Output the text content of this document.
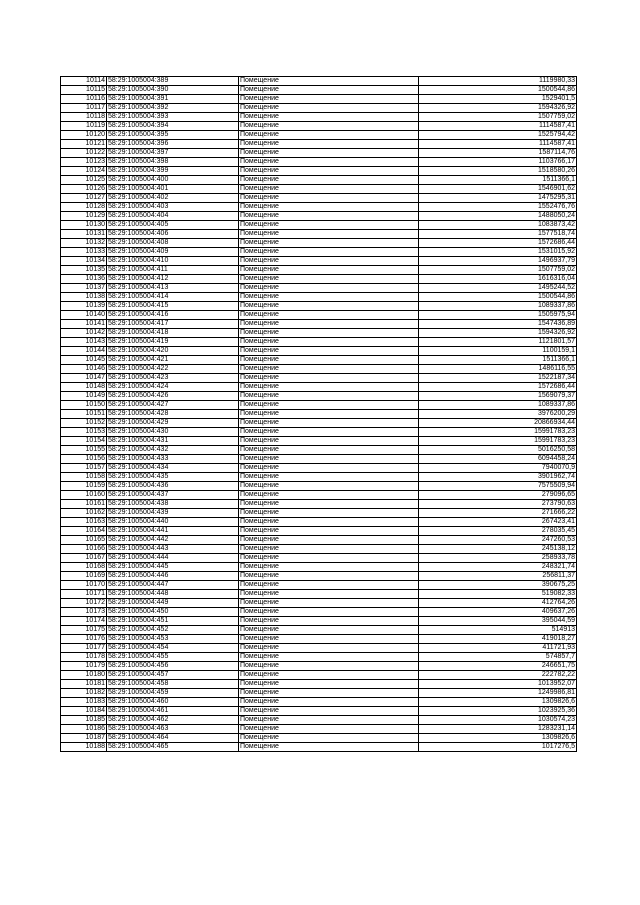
10114	58:29:1005004:389	Помещение	1119980,33
10115	58:29:1005004:390	Помещение	1500544,86
10116	58:29:1005004:391	Помещение	1529401,5
10117	58:29:1005004:392	Помещение	1594326,92
10118	58:29:1005004:393	Помещение	1507759,02
10119	58:29:1005004:394	Помещение	1114587,41
10120	58:29:1005004:395	Помещение	1525794,42
10121	58:29:1005004:396	Помещение	1114587,41
10122	58:29:1005004:397	Помещение	1587114,76
10123	58:29:1005004:398	Помещение	1103766,17
10124	58:29:1005004:399	Помещение	1518580,26
10125	58:29:1005004:400	Помещение	1511366,1
10126	58:29:1005004:401	Помещение	1546901,62
10127	58:29:1005004:402	Помещение	1475295,31
10128	58:29:1005004:403	Помещение	1552476,76
10129	58:29:1005004:404	Помещение	1488050,24
10130	58:29:1005004:405	Помещение	1083873,42
10131	58:29:1005004:406	Помещение	1577518,74
10132	58:29:1005004:408	Помещение	1572686,44
10133	58:29:1005004:409	Помещение	1531015,92
10134	58:29:1005004:410	Помещение	1496937,79
10135	58:29:1005004:411	Помещение	1507759,02
10136	58:29:1005004:412	Помещение	1616316,04
10137	58:29:1005004:413	Помещение	1495244,52
10138	58:29:1005004:414	Помещение	1500544,86
10139	58:29:1005004:415	Помещение	1089337,86
10140	58:29:1005004:416	Помещение	1505975,94
10141	58:29:1005004:417	Помещение	1547436,89
10142	58:29:1005004:418	Помещение	1594326,92
10143	58:29:1005004:419	Помещение	1121801,57
10144	58:29:1005004:420	Помещение	1100159,1
10145	58:29:1005004:421	Помещение	1511366,1
10146	58:29:1005004:422	Помещение	1486116,55
10147	58:29:1005004:423	Помещение	1522187,34
10148	58:29:1005004:424	Помещение	1572686,44
10149	58:29:1005004:426	Помещение	1569079,37
10150	58:29:1005004:427	Помещение	1089337,86
10151	58:29:1005004:428	Помещение	3976200,29
10152	58:29:1005004:429	Помещение	20866934,44
10153	58:29:1005004:430	Помещение	15991783,23
10154	58:29:1005004:431	Помещение	15991783,23
10155	58:29:1005004:432	Помещение	5016250,58
10156	58:29:1005004:433	Помещение	6094458,24
10157	58:29:1005004:434	Помещение	7940070,9
10158	58:29:1005004:435	Помещение	3901962,74
10159	58:29:1005004:436	Помещение	7575509,94
10160	58:29:1005004:437	Помещение	279096,65
10161	58:29:1005004:438	Помещение	273790,63
10162	58:29:1005004:439	Помещение	271666,22
10163	58:29:1005004:440	Помещение	267423,41
10164	58:29:1005004:441	Помещение	278035,45
10165	58:29:1005004:442	Помещение	247260,53
10166	58:29:1005004:443	Помещение	245138,12
10167	58:29:1005004:444	Помещение	258933,78
10168	58:29:1005004:445	Помещение	248321,74
10169	58:29:1005004:446	Помещение	256811,37
10170	58:29:1005004:447	Помещение	390675,25
10171	58:29:1005004:448	Помещение	519082,33
10172	58:29:1005004:449	Помещение	412764,26
10173	58:29:1005004:450	Помещение	409637,26
10174	58:29:1005004:451	Помещение	395044,59
10175	58:29:1005004:452	Помещение	514913
10176	58:29:1005004:453	Помещение	419018,27
10177	58:29:1005004:454	Помещение	411721,93
10178	58:29:1005004:455	Помещение	574857,7
10179	58:29:1005004:456	Помещение	246651,75
10180	58:29:1005004:457	Помещение	222782,22
10181	58:29:1005004:458	Помещение	1013952,07
10182	58:29:1005004:459	Помещение	1249986,81
10183	58:29:1005004:460	Помещение	1309826,6
10184	58:29:1005004:461	Помещение	1023925,36
10185	58:29:1005004:462	Помещение	1030574,23
10186	58:29:1005004:463	Помещение	1283231,14
10187	58:29:1005004:464	Помещение	1309826,6
10188	58:29:1005004:465	Помещение	1017276,5
